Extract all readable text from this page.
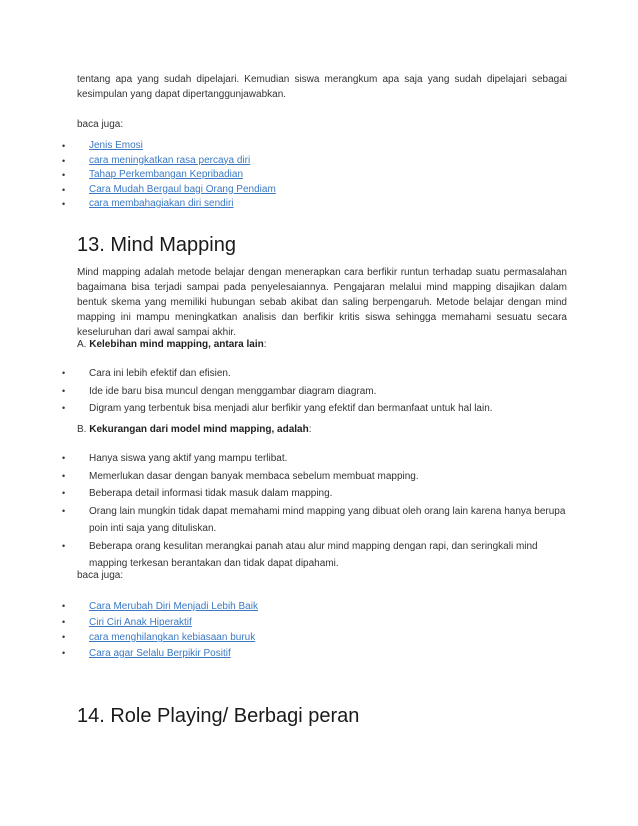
tentang apa yang sudah dipelajari. Kemudian siswa merangkum apa saja yang sudah dipelajari sebagai kesimpulan yang dapat dipertanggunjawabkan.
baca juga:
• Jenis Emosi
• cara meningkatkan rasa percaya diri
• Tahap Perkembangan Kepribadian
• Cara Mudah Bergaul bagi Orang Pendiam
• cara membahagiakan diri sendiri
13. Mind Mapping
Mind mapping adalah metode belajar dengan menerapkan cara berfikir runtun terhadap suatu permasalahan bagaimana bisa terjadi sampai pada penyelesaiannya. Pengajaran melalui mind mapping disajikan dalam bentuk skema yang memiliki hubungan sebab akibat dan saling berpengaruh. Metode belajar dengan mind mapping ini mampu meningkatkan analisis dan berfikir kritis siswa sehingga memahami sesuatu secara keseluruhan dari awal sampai akhir.
A. Kelebihan mind mapping, antara lain:
• Cara ini lebih efektif dan efisien.
• Ide ide baru bisa muncul dengan menggambar diagram diagram.
• Digram yang terbentuk bisa menjadi alur berfikir yang efektif dan bermanfaat untuk hal lain.
B. Kekurangan dari model mind mapping, adalah:
• Hanya siswa yang aktif yang mampu terlibat.
• Memerlukan dasar dengan banyak membaca sebelum membuat mapping.
• Beberapa detail informasi tidak masuk dalam mapping.
• Orang lain mungkin tidak dapat memahami mind mapping yang dibuat oleh orang lain karena hanya berupa poin inti saja yang dituliskan.
• Beberapa orang kesulitan merangkai panah atau alur mind mapping dengan rapi, dan seringkali mind mapping terkesan berantakan dan tidak dapat dipahami.
baca juga:
• Cara Merubah Diri Menjadi Lebih Baik
• Ciri Ciri Anak Hiperaktif
• cara menghilangkan kebiasaan buruk
• Cara agar Selalu Berpikir Positif
14. Role Playing/ Berbagi peran
